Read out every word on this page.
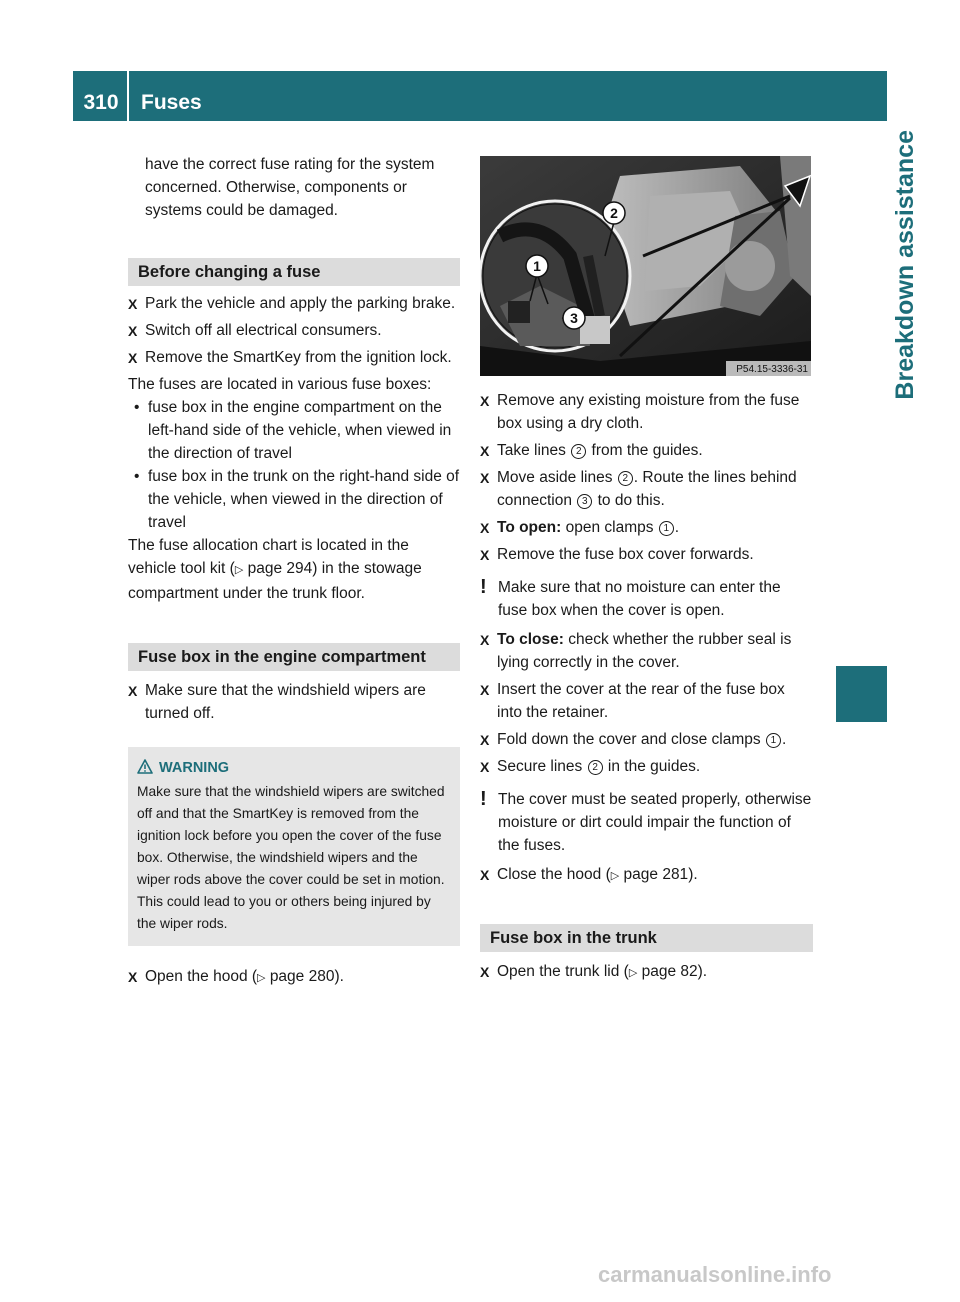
310	Fuses
Breakdown assistance

have the correct fuse rating for the system concerned. Otherwise, components or systems could be damaged.

Before changing a fuse

X Park the vehicle and apply the parking brake.

X Switch off all electrical consumers.

X Remove the SmartKey from the ignition lock.

The fuses are located in various fuse boxes:

• fuse box in the engine compartment on the left-hand side of the vehicle, when viewed in the direction of travel

• fuse box in the trunk on the right-hand side of the vehicle, when viewed in the direction of travel

The fuse allocation chart is located in the vehicle tool kit (▷ page 294) in the stowage compartment under the trunk floor.

Fuse box in the engine compartment

X Make sure that the windshield wipers are turned off.

WARNING
Make sure that the windshield wipers are switched off and that the SmartKey is removed from the ignition lock before you open the cover of the fuse box. Otherwise, the windshield wipers and the wiper rods above the cover could be set in motion. This could lead to you or others being injured by the wiper rods.

X Open the hood (▷ page 280).

1
2
3
P54.15-3336-31

X Remove any existing moisture from the fuse box using a dry cloth.

X Take lines 2 from the guides.

X Move aside lines 2 . Route the lines behind connection 3 to do this.

X To open: open clamps 1 .

X Remove the fuse box cover forwards.

! Make sure that no moisture can enter the fuse box when the cover is open.

X To close: check whether the rubber seal is lying correctly in the cover.

X Insert the cover at the rear of the fuse box into the retainer.

X Fold down the cover and close clamps 1 .

X Secure lines 2 in the guides.

! The cover must be seated properly, otherwise moisture or dirt could impair the function of the fuses.

X Close the hood (▷ page 281).

Fuse box in the trunk

X Open the trunk lid (▷ page 82).

carmanualsonline.info
